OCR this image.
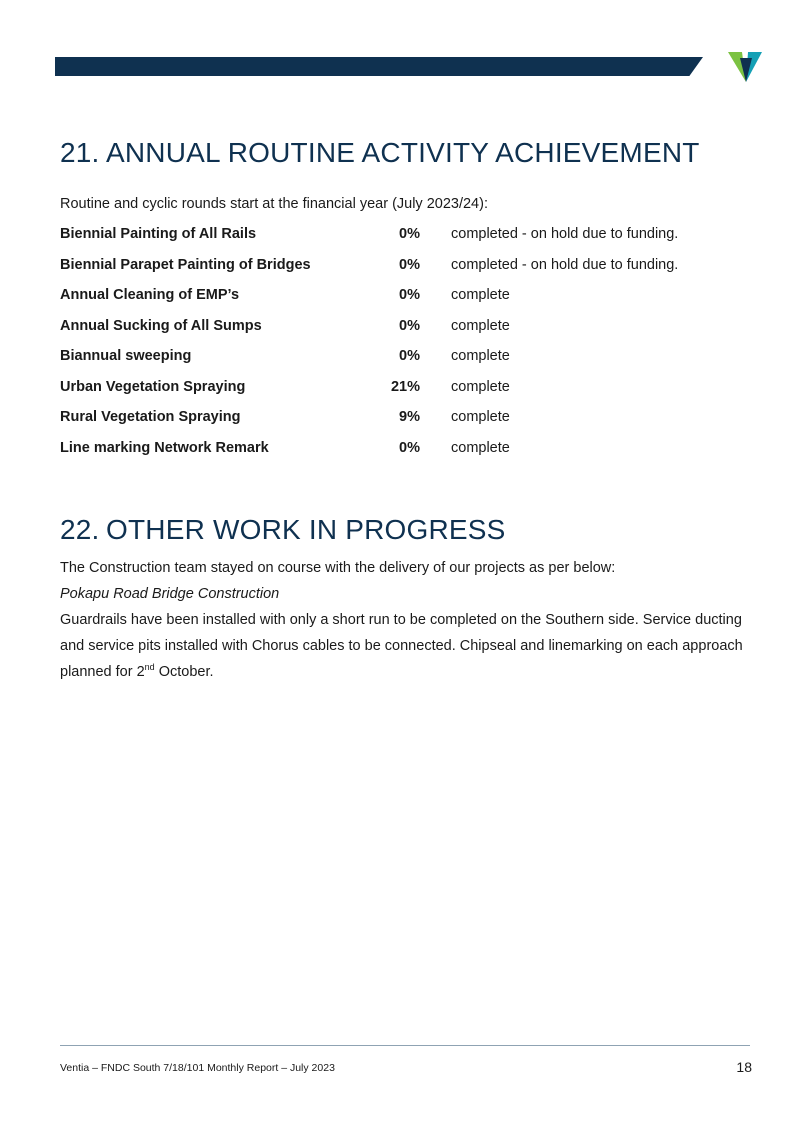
21. ANNUAL ROUTINE ACTIVITY ACHIEVEMENT

Routine and cyclic rounds start at the financial year (July 2023/24):

Biennial Painting of All Rails	0% completed - on hold due to funding.
Biennial Parapet Painting of Bridges	0% completed - on hold due to funding.
Annual Cleaning of EMP’s	0% complete
Annual Sucking of All Sumps	0% complete
Biannual sweeping	0% complete
Urban Vegetation Spraying	21% complete
Rural Vegetation Spraying	9% complete
Line marking Network Remark	0% complete
22. OTHER WORK IN PROGRESS

The Construction team stayed on course with the delivery of our projects as per below:

Pokapu Road Bridge Construction

Guardrails have been installed with only a short run to be completed on the Southern side. Service ducting and service pits installed with Chorus cables to be connected. Chipseal and linemarking on each approach planned for 2nd October.

Ventia – FNDC South 7/18/101 Monthly Report – July 2023	18
